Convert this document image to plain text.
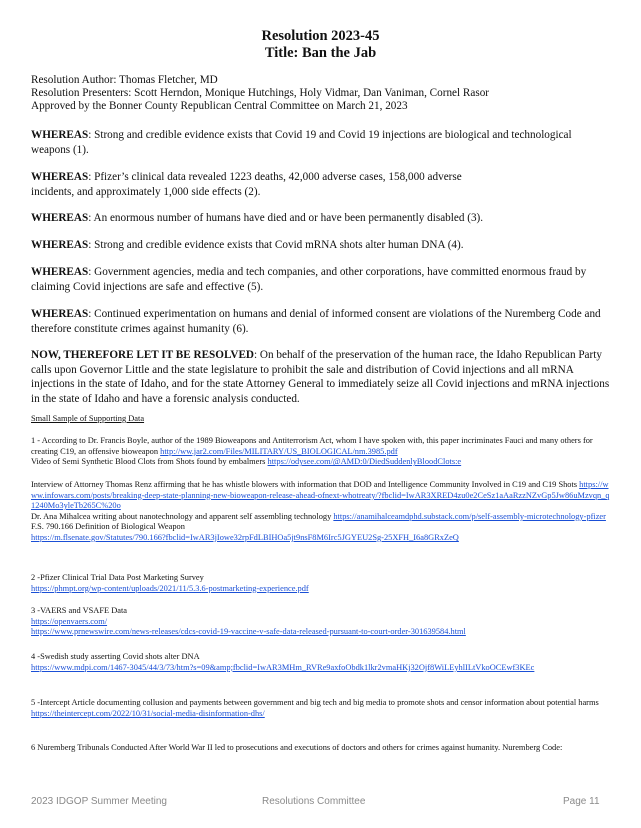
Resolution 2023-45
Title: Ban the Jab
Resolution Author: Thomas Fletcher, MD
Resolution Presenters: Scott Herndon, Monique Hutchings, Holy Vidmar, Dan Vaniman, Cornel Rasor
Approved by the Bonner County Republican Central Committee on March 21, 2023
WHEREAS: Strong and credible evidence exists that Covid 19 and Covid 19 injections are biological and technological weapons (1).
WHEREAS: Pfizer’s clinical data revealed 1223 deaths, 42,000 adverse cases, 158,000 adverse incidents, and approximately 1,000 side effects (2).
WHEREAS: An enormous number of humans have died and or have been permanently disabled (3).
WHEREAS: Strong and credible evidence exists that Covid mRNA shots alter human DNA (4).
WHEREAS: Government agencies, media and tech companies, and other corporations, have committed enormous fraud by claiming Covid injections are safe and effective (5).
WHEREAS: Continued experimentation on humans and denial of informed consent are violations of the Nuremberg Code and therefore constitute crimes against humanity (6).
NOW, THEREFORE LET IT BE RESOLVED: On behalf of the preservation of the human race, the Idaho Republican Party calls upon Governor Little and the state legislature to prohibit the sale and distribution of Covid injections and all mRNA injections in the state of Idaho, and for the state Attorney General to immediately seize all Covid injections and mRNA injections in the state of Idaho and have a forensic analysis conducted.
Small Sample of Supporting Data
1 - According to Dr. Francis Boyle, author of the 1989 Bioweapons and Antiterrorism Act, whom I have spoken with, this paper incriminates Fauci and many others for creating C19, an offensive bioweapon http://ww.jar2.com/Files/MILITARY/US_BIOLOGICAL/nm.3985.pdf
Video of Semi Synthetic Blood Clots from Shots found by embalmers https://odysee.com/@AMD:0/DiedSuddenlyBloodClots:e
Interview of Attorney Thomas Renz affirming that he has whistle blowers with information that DOD and Intelligence Community Involved in C19 and C19 Shots https://www.infowars.com/posts/breaking-deep-state-planning-new-bioweapon-release-ahead-ofnext-whotreaty/?fbclid=IwAR3XRED4zu0e2CeSz1aAaRzzNZvGp5Jw86uMzvqn_q1240Mo3yleTb265C%20o
Dr. Ana Mihalcea writing about nanotechnology and apparent self assembling technology https://anamihalceamdphd.substack.com/p/self-assembly-microtechnology-pfizer
F.S. 790.166 Definition of Biological Weapon
https://m.flsenate.gov/Statutes/790.166?fbclid=IwAR3jIowe32rpFdLBIHOa5jt9nsF8M6Irc5JGYEU2Sg-25XFH_I6a8GRxZeQ
2 -Pfizer Clinical Trial Data Post Marketing Survey
https://phmpt.org/wp-content/uploads/2021/11/5.3.6-postmarketing-experience.pdf
3 -VAERS and VSAFE Data
https://openvaers.com/
https://www.prnewswire.com/news-releases/cdcs-covid-19-vaccine-v-safe-data-released-pursuant-to-court-order-301639584.html
4 -Swedish study asserting Covid shots alter DNA
https://www.mdpi.com/1467-3045/44/3/73/htm?s=09&amp;fbclid=IwAR3MHm_RVRe9axfoObdk1lkr2vmaHKj32Ojf8WiLEyhlILtVkoOCEwf3KEc
5 -Intercept Article documenting collusion and payments between government and big tech and big media to promote shots and censor information about potential harms
https://theintercept.com/2022/10/31/social-media-disinformation-dhs/
6 Nuremberg Tribunals Conducted After World War II led to prosecutions and executions of doctors and others for crimes against humanity. Nuremberg Code:
2023 IDGOP Summer Meeting	Resolutions Committee	Page 11
